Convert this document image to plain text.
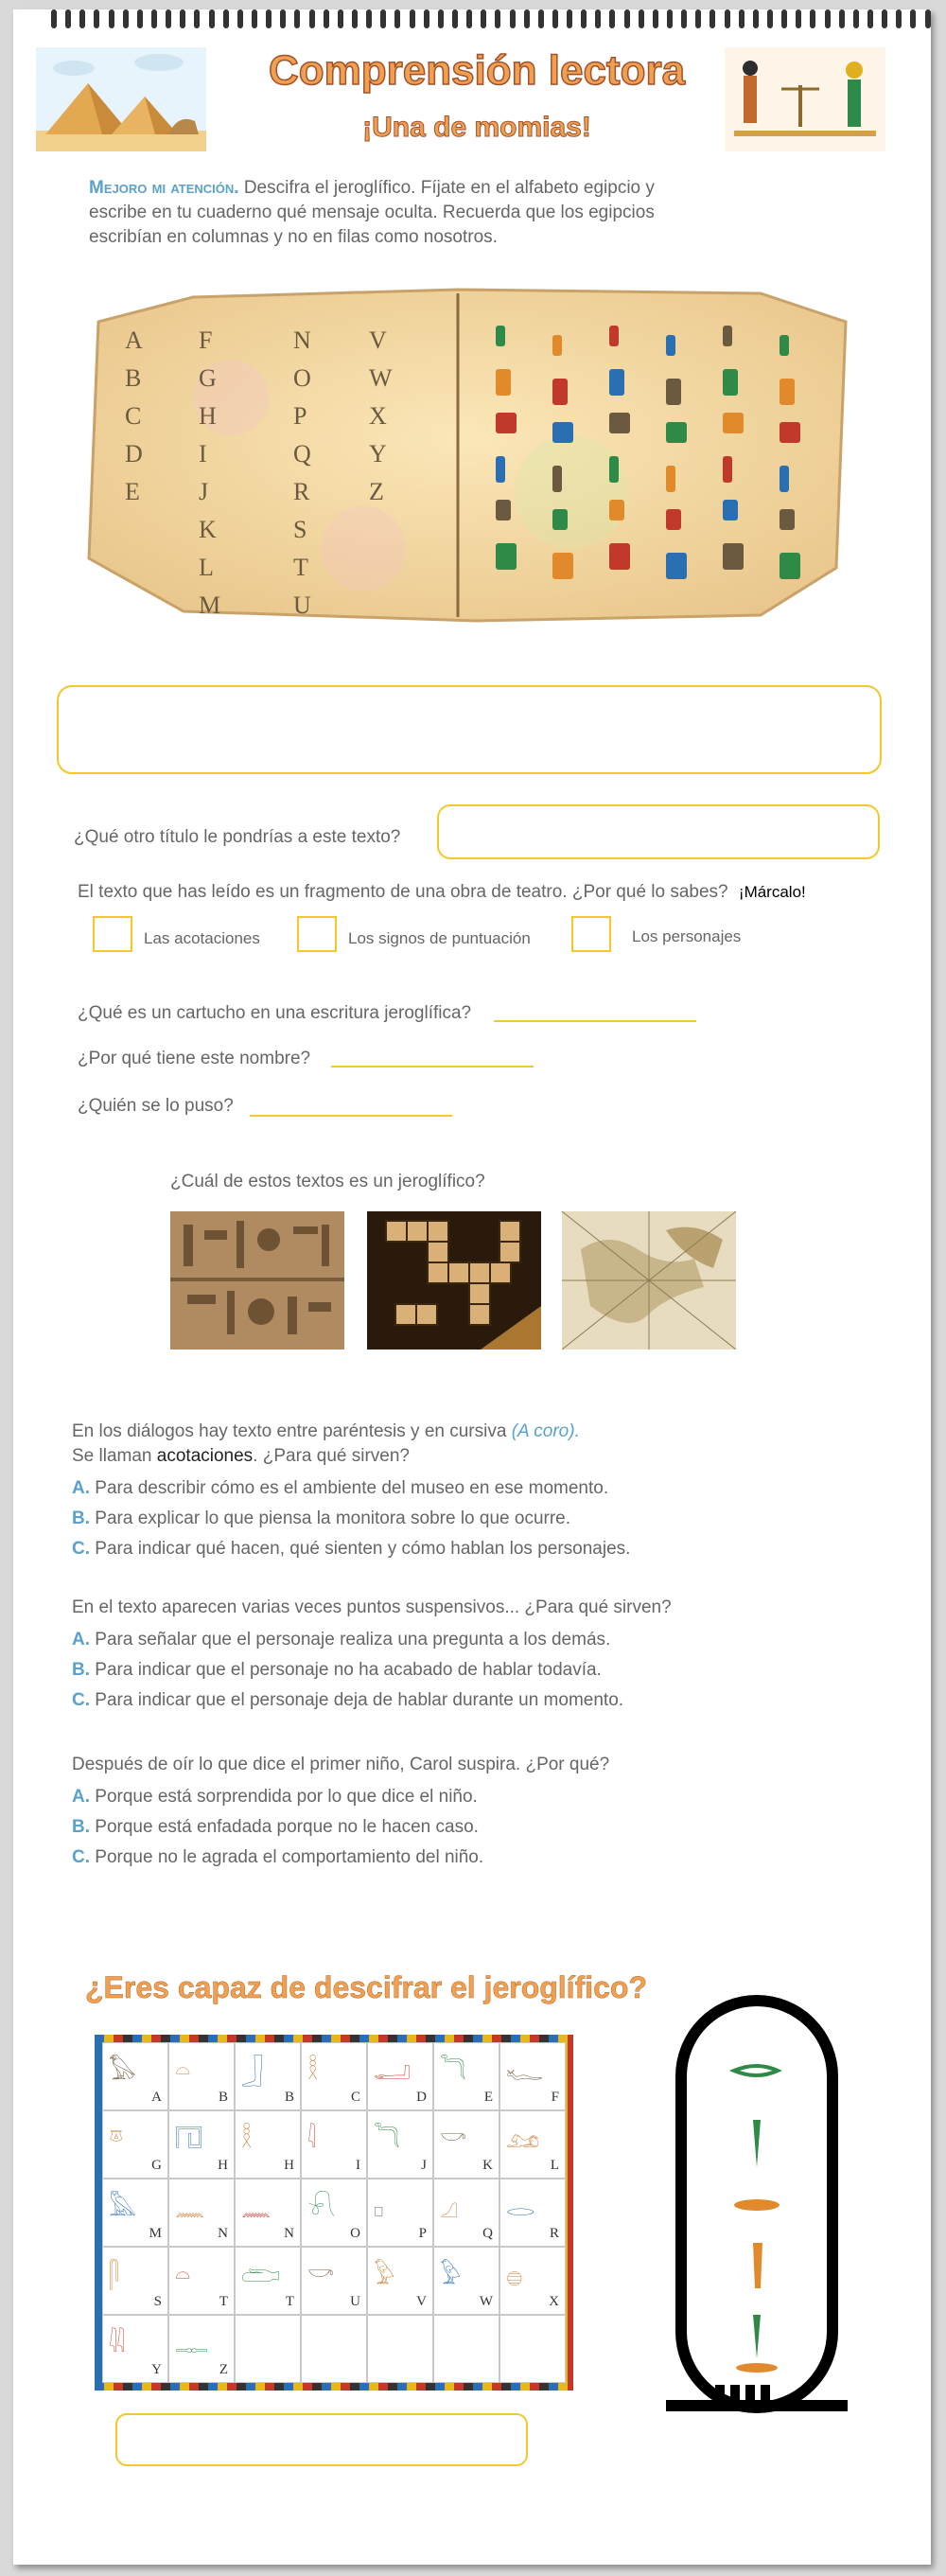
Comprensión lectora
¡Una de momias!
Mejoro mi atención. Descifra el jeroglífico. Fíjate en el alfabeto egipcio y escribe en tu cuaderno qué mensaje oculta. Recuerda que los egipcios escribían en columnas y no en filas como nosotros.
A
B
C
D
E
F
G
H
I
J
K
L
M
N
O
P
Q
R
S
T
U
V
W
X
Y
Z
¿Qué otro título le pondrías a este texto?
El texto que has leído es un fragmento de una obra de teatro. ¿Por qué lo sabes? ¡Márcalo!
Las acotaciones	Los signos de puntuación	Los personajes
¿Qué es un cartucho en una escritura jeroglífica?
¿Por qué tiene este nombre?
¿Quién se lo puso?
¿Cuál de estos textos es un jeroglífico?
En los diálogos hay texto entre paréntesis y en cursiva (A coro).
Se llaman acotaciones. ¿Para qué sirven?
A. Para describir cómo es el ambiente del museo en ese momento.
B. Para explicar lo que piensa la monitora sobre lo que ocurre.
C. Para indicar qué hacen, qué sienten y cómo hablan los personajes.
En el texto aparecen varias veces puntos suspensivos... ¿Para qué sirven?
A. Para señalar que el personaje realiza una pregunta a los demás.
B. Para indicar que el personaje no ha acabado de hablar todavía.
C. Para indicar que el personaje deja de hablar durante un momento.
Después de oír lo que dice el primer niño, Carol suspira. ¿Por qué?
A. Porque está sorprendida por lo que dice el niño.
B. Porque está enfadada porque no le hacen caso.
C. Porque no le agrada el comportamiento del niño.
¿Eres capaz de descifrar el jeroglífico?
𓅃
A
𓏏
B
𓃀
B
𓎛
C
𓂝
D
𓆓
E
𓆑
F
𓎼
G
𓉔
H
𓎛
H
𓇋
I
𓆓
J
𓎡
K
𓃭
L
𓅓
M
𓈖
N
𓈖
N
𓍯
O
𓊪
P
𓈎
Q
𓂋
R
𓋴
S
𓏏
T
𓂧
T
𓎡
U
𓅱
V
𓅱
W
𓐍
X
𓇌
Y
𓊃
Z
